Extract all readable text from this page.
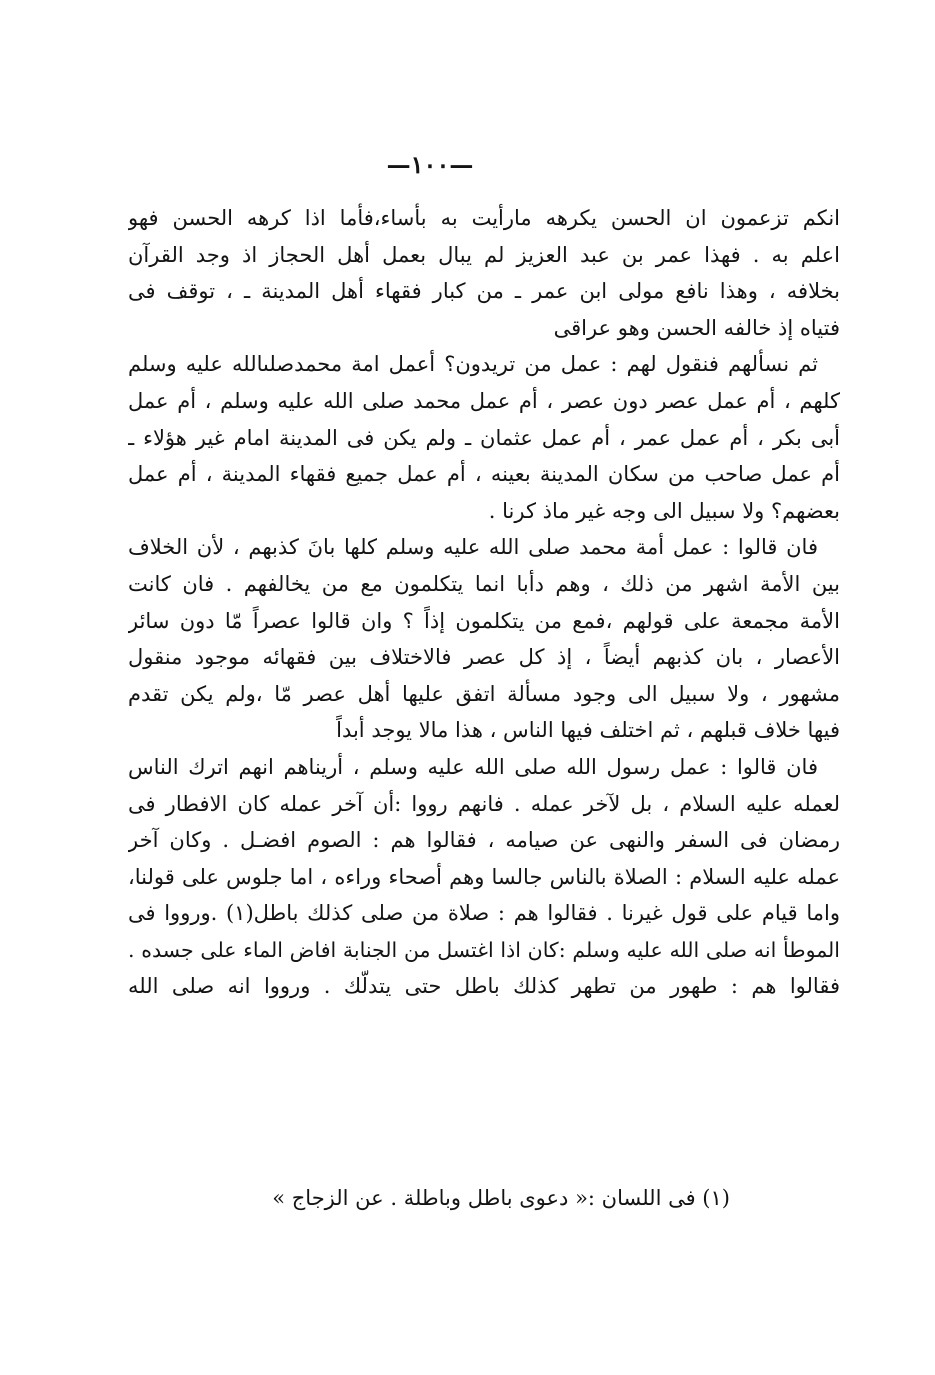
—١٠٠—
انكم تزعمون ان الحسن يكرهه مارأيت به بأساء،فأما اذا كرهه الحسن فهو
اعلم به . فهذا عمر بن عبد العزيز لم يبال بعمل أهل الحجاز اذ وجد القرآن
بخلافه ، وهذا نافع مولى ابن عمر ـ من كبار فقهاء أهل المدينة ـ ، توقف فى
فتياه إذ خالفه الحسن وهو عراقى
ثم نسألهم فنقول لهم : عمل من تريدون؟ أعمل امة محمدصلىالله عليه وسلم
كلهم ، أم عمل عصر دون عصر ، أم عمل محمد صلى الله عليه وسلم ، أم عمل
أبى بكر ، أم عمل عمر ، أم عمل عثمان ـ ولم يكن فى المدينة امام غير هؤلاء ـ
أم عمل صاحب من سكان المدينة بعينه ، أم عمل جميع فقهاء المدينة ، أم عمل
بعضهم؟ ولا سبيل الى وجه غير ماذ كرنا .
فان قالوا : عمل أمة محمد صلى الله عليه وسلم كلها بانَ كذبهم ، لأن الخلاف
بين الأمة اشهر من ذلك ، وهم دأبا انما يتكلمون مع من يخالفهم . فان كانت
الأمة مجمعة على قولهم ،فمع من يتكلمون إذاً ؟ وان قالوا عصراً مّا دون سائر
الأعصار ، بان كذبهم أيضاً ، إذ كل عصر فالاختلاف بين فقهائه موجود منقول
مشهور ، ولا سبيل الى وجود مسألة اتفق عليها أهل عصر مّا ،ولم يكن تقدم
فيها خلاف قبلهم ، ثم اختلف فيها الناس ، هذا مالا يوجد أبداً
فان قالوا : عمل رسول الله صلى الله عليه وسلم ، أريناهم انهم اترك الناس
لعمله عليه السلام ، بل لآخر عمله . فانهم رووا :أن آخر عمله كان الافطار فى
رمضان فى السفر والنهى عن صيامه ، فقالوا هم : الصوم افضـل . وكان آخر
عمله عليه السلام : الصلاة بالناس جالسا وهم أصحاء وراءه ، اما جلوس على قولنا،
واما قيام على قول غيرنا . فقالوا هم : صلاة من صلى كذلك باطل(١) .ورووا فى
الموطأ انه صلى الله عليه وسلم :كان اذا اغتسل من الجنابة افاض الماء على جسده .
فقالوا هم : طهور من تطهر كذلك باطل حتى يتدلّك . ورووا انه صلى الله
(١) فى اللسان :« دعوى باطل وباطلة . عن الزجاج »
